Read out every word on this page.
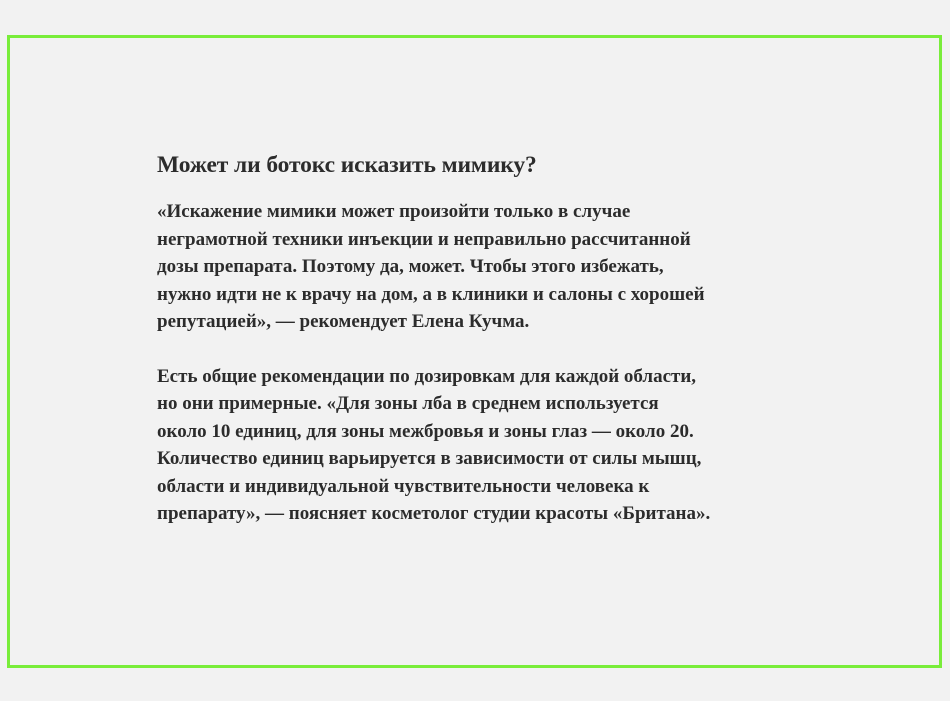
Может ли ботокс исказить мимику?

«Искажение мимики может произойти только в случае
неграмотной техники инъекции и неправильно рассчитанной
дозы препарата. Поэтому да, может. Чтобы этого избежать,
нужно идти не к врачу на дом, а в клиники и салоны с хорошей
репутацией», — рекомендует Елена Кучма.

Есть общие рекомендации по дозировкам для каждой области,
но они примерные. «Для зоны лба в среднем используется
около 10 единиц, для зоны межбровья и зоны глаз — около 20.
Количество единиц варьируется в зависимости от силы мышц,
области и индивидуальной чувствительности человека к
препарату», — поясняет косметолог студии красоты «Британа».
